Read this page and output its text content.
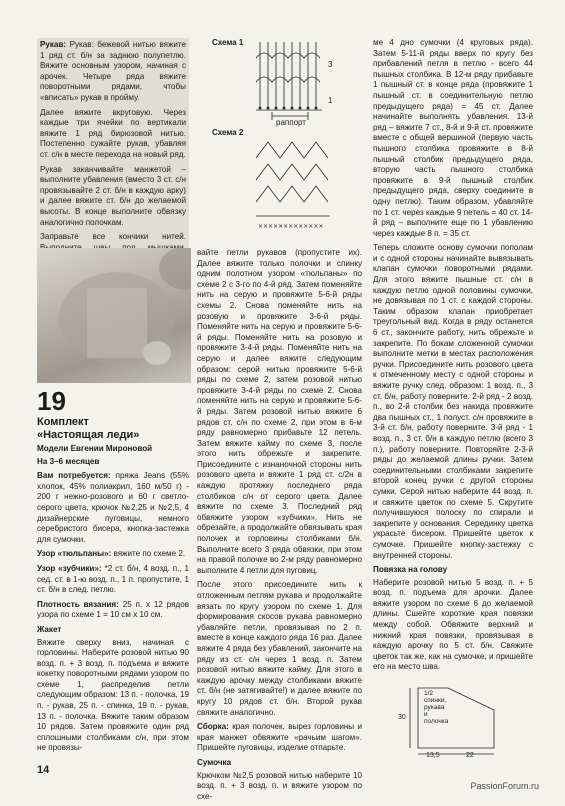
Рукав: Рукав: бежевой нитью вяжите 1 ряд ст. б/н за заднюю полупетлю. Вяжите основным узором, начиная с арочек. Четыре ряда вяжите поворотными рядами, чтобы «вписать» рукав в пройму.

Далее вяжите вкруговую. Через каждые три ячейки по вертикали вяжите 1 ряд бирюзовой нитью. Постепенно сужайте рукав, убавляя ст. с/н в месте перехода на новый ряд.

Рукав заканчивайте манжетой – выполните убавления (вместо 3 ст. с/н провязывайте 2 ст. б/н в каждую арку) и далее вяжите ст. б/н до желаемой высоты. В конце выполните обвязку аналогично полочкам.

Заправьте все кончики нитей.

Схема 1
3
1
раппорт
Схема 2
×××××××××××××
19
Комплект
«Настоящая леди»

Модели Евгении Мироновой

На 3–6 месяцев

Вам потребуется: пряжа Jeans (55% хлопок, 45% полиакрил, 160 м/50 г) - 200 г нежно-розового и 60 г светло-серого цвета, крючок №2,25 и №2,5, 4 дизайнерские пуговицы, немного серебристого бисера, кнопка-застежка для сумочки.

Узор «тюльпаны»: вяжите по схеме 2.

Узор «зубчики»: *2 ст. б/н, 4 возд. п., 1 сед. ст. в 1-ю возд. п., 1 п. пропустите, 1 ст. б/н в след. петлю.

Плотность вязания: 25 п. х 12 рядов узора по схеме 1 = 10 см х 10 см.

Жакет

Вяжите сверху вниз, начиная с горловины. Наберите розовой нитью 90 возд. п. + 3 возд. п. подъема и вяжите кокетку поворотными рядами узором по схеме 1, распределив петли следующим образом: 13 п. - полочка, 19 п. - рукав, 25 п. - спинка, 19 п. - рукав, 13 п. - полочка. Вяжите таким образом 10 рядов. Затем провяжите один ряд сплошными столбиками с/н, при этом не провязы-

вайте петли рукавов (пропустите их). Далее вяжите только полочки и спинку одним полотном узором «тюльпаны» по схеме 2 с 3-го по 4-й ряд. Затем поменяйте нить на серую и провяжите 5-6-й ряды схемы 2. Снова поменяйте нить на розовую и провяжите 3-6-й ряды. Поменяйте нить на серую и провяжите 5-6-й ряды. Поменяйте нить на розовую и провяжите 3-4-й ряды. Поменяйте нить на серую и далее вяжите следующим образом: серой нитью провяжите 5-6-й ряды по схеме 2, затем розовой нитью провяжите 3-4-й ряды по схеме 2. Снова поменяйте нить на серую и провяжите 5-6-й ряды. Затем розовой нитью вяжите 6 рядов ст. с/н по схеме 2, при этом в 6-м ряду равномерно прибавьте 12 петель. Затем вяжите кайму по схеме 3, после этого нить обрежьте и закрепите. Присоедините с изнаночной стороны нить розового цвета и вяжите 1 ряд ст. с/2н в каждую протяжку последнего ряда столбиков с/н от серого цвета. Далее вяжите по схеме 3. Последний ряд обвяжите узором «зубчики». Нить не обрезайте, а продолжайте обвязывать края полочек и горловины столбиками б/н. Выполните всего 3 ряда обвязки, при этом на правой полочке во 2-м ряду равномерно выполните 4 петли для пуговиц.

После этого присоедините нить к отложенным петлям рукава и продолжайте вязать по кругу узором по схеме 1. Для формирования скосов рукава равномерно убавляйте петли, провязывая по 2 п. вместе в конце каждого ряда 16 раз. Далее вяжите 4 ряда без убавлений, закончите на ряду из ст. с/н через 1 возд. п. Затем розовой нитью вяжите кайму. Для этого в каждую арочку между столбиками вяжите ст. б/н (не затягивайте!) и далее вяжите по кругу 10 рядов ст. б/н. Второй рукав свяжите аналогично.

Сборка: края полочек, вырез горловины и края манжет обвяжите «рачьим шагом». Пришейте пуговицы, изделие отпарьте.

Сумочка

Крючком №2,5 розовой нитью наберите 10 возд. п. + 3 возд. п. и вяжите узором по схе-

ме 4 дно сумочки (4 круговых ряда). Затем 5-11-й ряды вверх по кругу без прибавлений петля в петлю - всего 44 пышных столбика. В 12-м ряду прибавьте 1 пышный ст. в конце ряда (провяжите 1 пышный ст. в соединительную петлю предыдущего ряда) = 45 ст. Далее начинайте выполнять убавления. 13-й ряд – вяжите 7 ст., 8-й и 9-й ст. провяжите вместе с общей вершиной (первую часть пышного столбика провяжите в 8-й пышный столбик предыдущего ряда, вторую часть пышного столбика провяжите в 9-й пышный столбик предыдущего ряда, сверху соедините в одну петлю). Таким образом, убавляйте по 1 ст. через каждые 9 петель = 40 ст. 14-й ряд – выполните еще по 1 убавлению через каждые 8 п. = 35 ст.

Теперь сложите основу сумочки пополам и с одной стороны начинайте вывязывать клапан сумочки поворотными рядами. Для этого вяжите пышные ст. с/н в каждую петлю одной половины сумочки, не довязывая по 1 ст. с каждой стороны. Таким образом клапан приобретает треугольный вид. Когда в ряду останется 6 ст., закончите работу, нить обрежьте и закрепите. По бокам сложенной сумочки выполните метки в местах расположения ручки. Присоедините нить розового цвета к отмеченному месту с одной стороны и вяжите ручку след. образом: 1 возд. п., 3 ст. б/н, работу поверните. 2-й ряд - 2 возд. п., во 2-й столбик без накида провяжите два пышных ст., 1 полуст. с/н провяжите в 3-й ст. б/н, работу поверните. 3-й ряд - 1 возд. п., 3 ст. б/н в каждую петлю (всего 3 п.), работу поверните. Повторяйте 2-3-й ряды до желаемой длины ручки. Затем соединительными столбиками закрепите второй конец ручки с другой стороны сумки. Серой нитью наберите 44 возд. п. и свяжите цветок по схеме 5. Скрутите получившуюся полоску по спирали и закрепите у основания. Серединку цветка украсьте бисером. Пришейте цветок к сумочке. Пришейте кнопку-застежку с внутренней стороны.

Повязка на голову

Наберите розовой нитью 5 возд. п. + 5 возд. п. подъема для арочки. Далее вяжите узором по схеме 6 до желаемой длины. Сшейте короткие края повязки между собой. Обвяжите верхний и нижний края повязки, провязывая в каждую арочку по 5 ст. б/н. Свяжите цветок так же, как на сумочке, и пришейте его на место шва.

1/2
спинки,
рукава
и
полочка
30
13,5	22
14
PassionForum.ru
